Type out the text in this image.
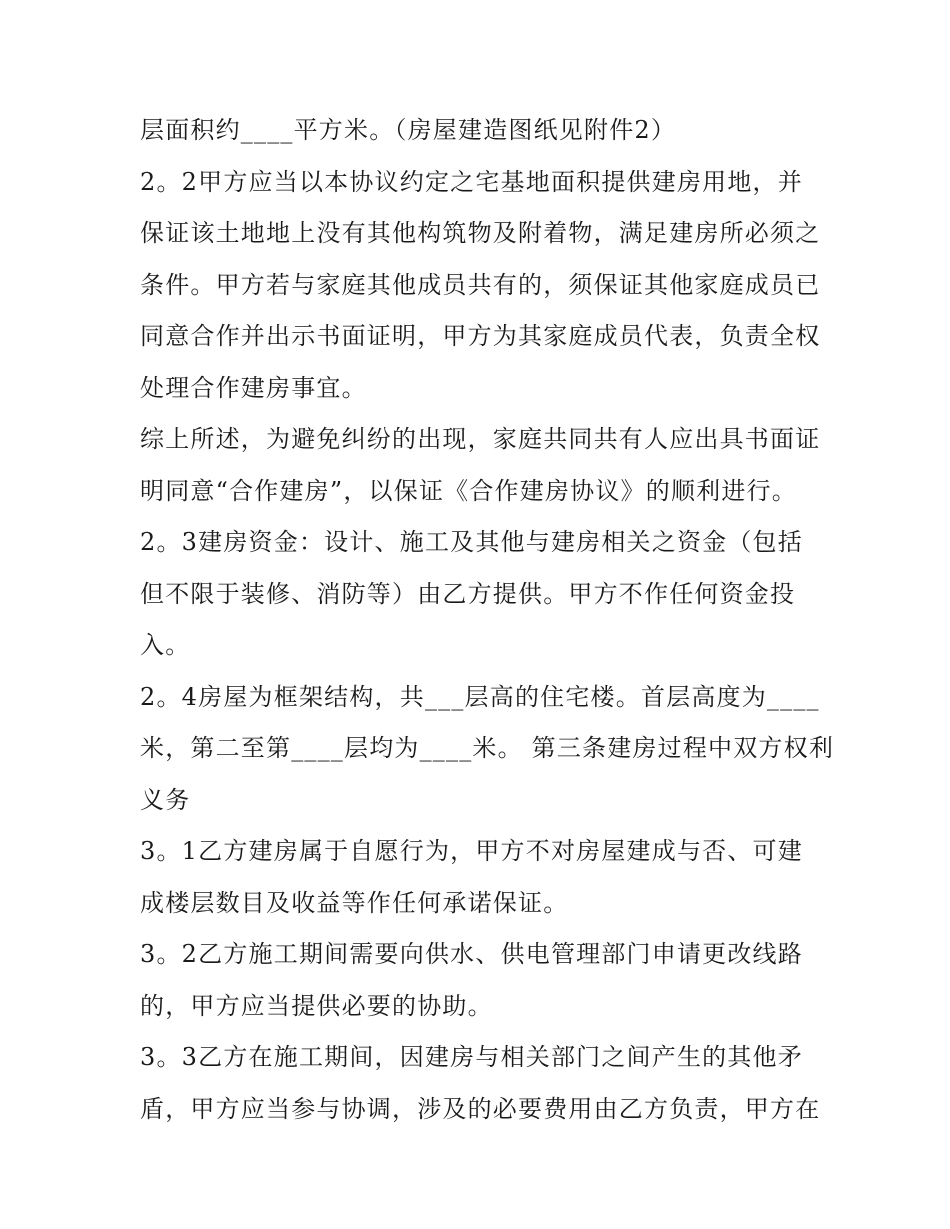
层面积约____平方米。（房屋建造图纸见附件2）
2。2甲方应当以本协议约定之宅基地面积提供建房用地，并
保证该土地地上没有其他构筑物及附着物，满足建房所必须之
条件。甲方若与家庭其他成员共有的，须保证其他家庭成员已
同意合作并出示书面证明，甲方为其家庭成员代表，负责全权
处理合作建房事宜。
综上所述，为避免纠纷的出现，家庭共同共有人应出具书面证
明同意“合作建房”，以保证《合作建房协议》的顺利进行。
2。3建房资金：设计、施工及其他与建房相关之资金（包括
但不限于装修、消防等）由乙方提供。甲方不作任何资金投
入。
2。4房屋为框架结构，共___层高的住宅楼。首层高度为____
米，第二至第____层均为____米。 第三条建房过程中双方权利
义务
3。1乙方建房属于自愿行为，甲方不对房屋建成与否、可建
成楼层数目及收益等作任何承诺保证。
3。2乙方施工期间需要向供水、供电管理部门申请更改线路
的，甲方应当提供必要的协助。
3。3乙方在施工期间，因建房与相关部门之间产生的其他矛
盾，甲方应当参与协调，涉及的必要费用由乙方负责，甲方在
